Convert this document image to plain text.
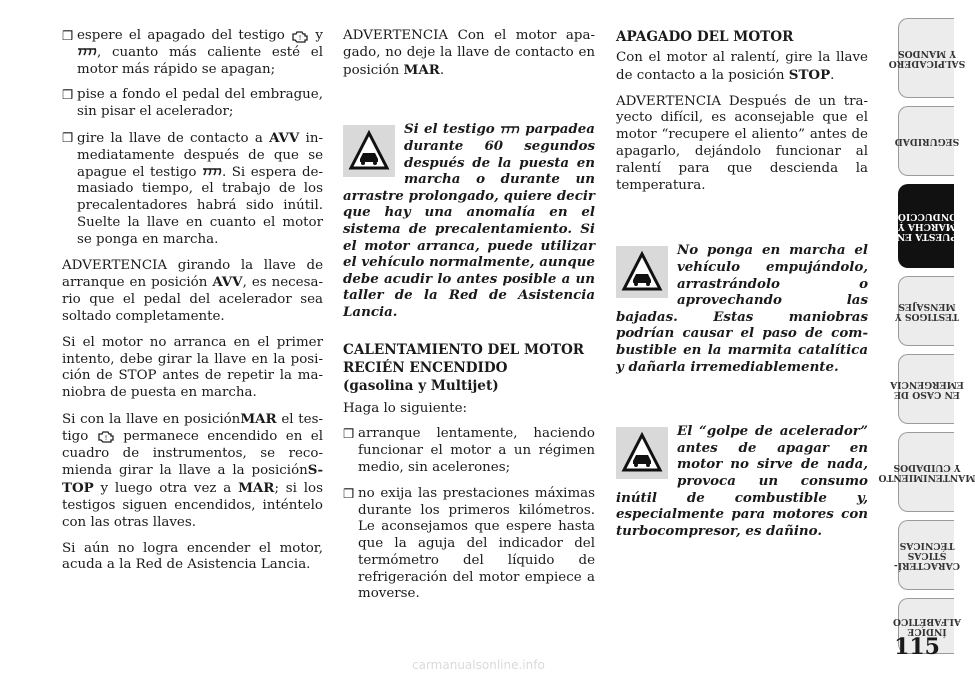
❒ espere el apagado del testigo ! y , cuanto más caliente esté el motor más rápido se apagan;
❒ pise a fondo el pedal del embrague, sin pisar el acelerador;
❒ gire la llave de contacto a AVV inmediatamente después de que se apague el testigo . Si espera demasiado tiempo, el trabajo de los precalentadores habrá sido inútil. Suelte la llave en cuanto el motor se ponga en marcha.

ADVERTENCIA girando la llave de arranque en posición AVV, es necesario que el pedal del acelerador sea soltado completamente.

Si el motor no arranca en el primer intento, debe girar la llave en la posición de STOP antes de repetir la maniobra de puesta en marcha.

Si con la llave en posiciónMAR el testigo ! permanece encendido en el cuadro de instrumentos, se recomienda girar la llave a la posiciónSTOP y luego otra vez a MAR; si los testigos siguen encendidos, inténtelo con las otras llaves.

Si aún no logra encender el motor, acuda a la Red de Asistencia Lancia.

ADVERTENCIA Con el motor apagado, no deje la llave de contacto en posición MAR.

Si el testigo  parpadea durante 60 segundos después de la puesta en marcha o durante un arrastre prolongado, quiere decir que hay una anomalía en el sistema de precalentamiento. Si el motor arranca, puede utilizar el vehículo normalmente, aunque debe acudir lo antes posible a un taller de la Red de Asistencia Lancia.
CALENTAMIENTO DEL MOTOR
RECIÉN ENCENDIDO
(gasolina y Multijet)

Haga lo siguiente:

❒ arranque lentamente, haciendo funcionar el motor a un régimen medio, sin acelerones;
❒ no exija las prestaciones máximas durante los primeros kilómetros. Le aconsejamos que espere hasta que la aguja del indicador del termómetro del líquido de refrigeración del motor empiece a moverse.
APAGADO DEL MOTOR

Con el motor al ralentí, gire la llave de contacto a la posición STOP.

ADVERTENCIA Después de un trayecto difícil, es aconsejable que el motor “recupere el aliento” antes de apagarlo, dejándolo funcionar al ralentí para que descienda la temperatura.

No ponga en marcha el vehículo empujándolo, arrastrándolo o aprovechando las bajadas. Estas maniobras podrían causar el paso de combustible en la marmita catalítica y dañarla irremediablemente.
El “golpe de acelerador” antes de apagar en motor no sirve de nada, provoca un consumo inútil de combustible y, especialmente para motores con turbocompresor, es dañino.
SALPICADERO
Y MANDOS
SEGURIDAD
PUESTA EN
MARCHA Y
CONDUCCIÓN
TESTIGOS Y
MENSAJES
EN CASO DE
EMERGENCIA
MANTENIMIENTO
Y CUIDADOS
CARACTERÍ-
STICAS
TÉCNICAS
ÍNDICE
ALFABÉTICO
115
carmanualsonline.info
